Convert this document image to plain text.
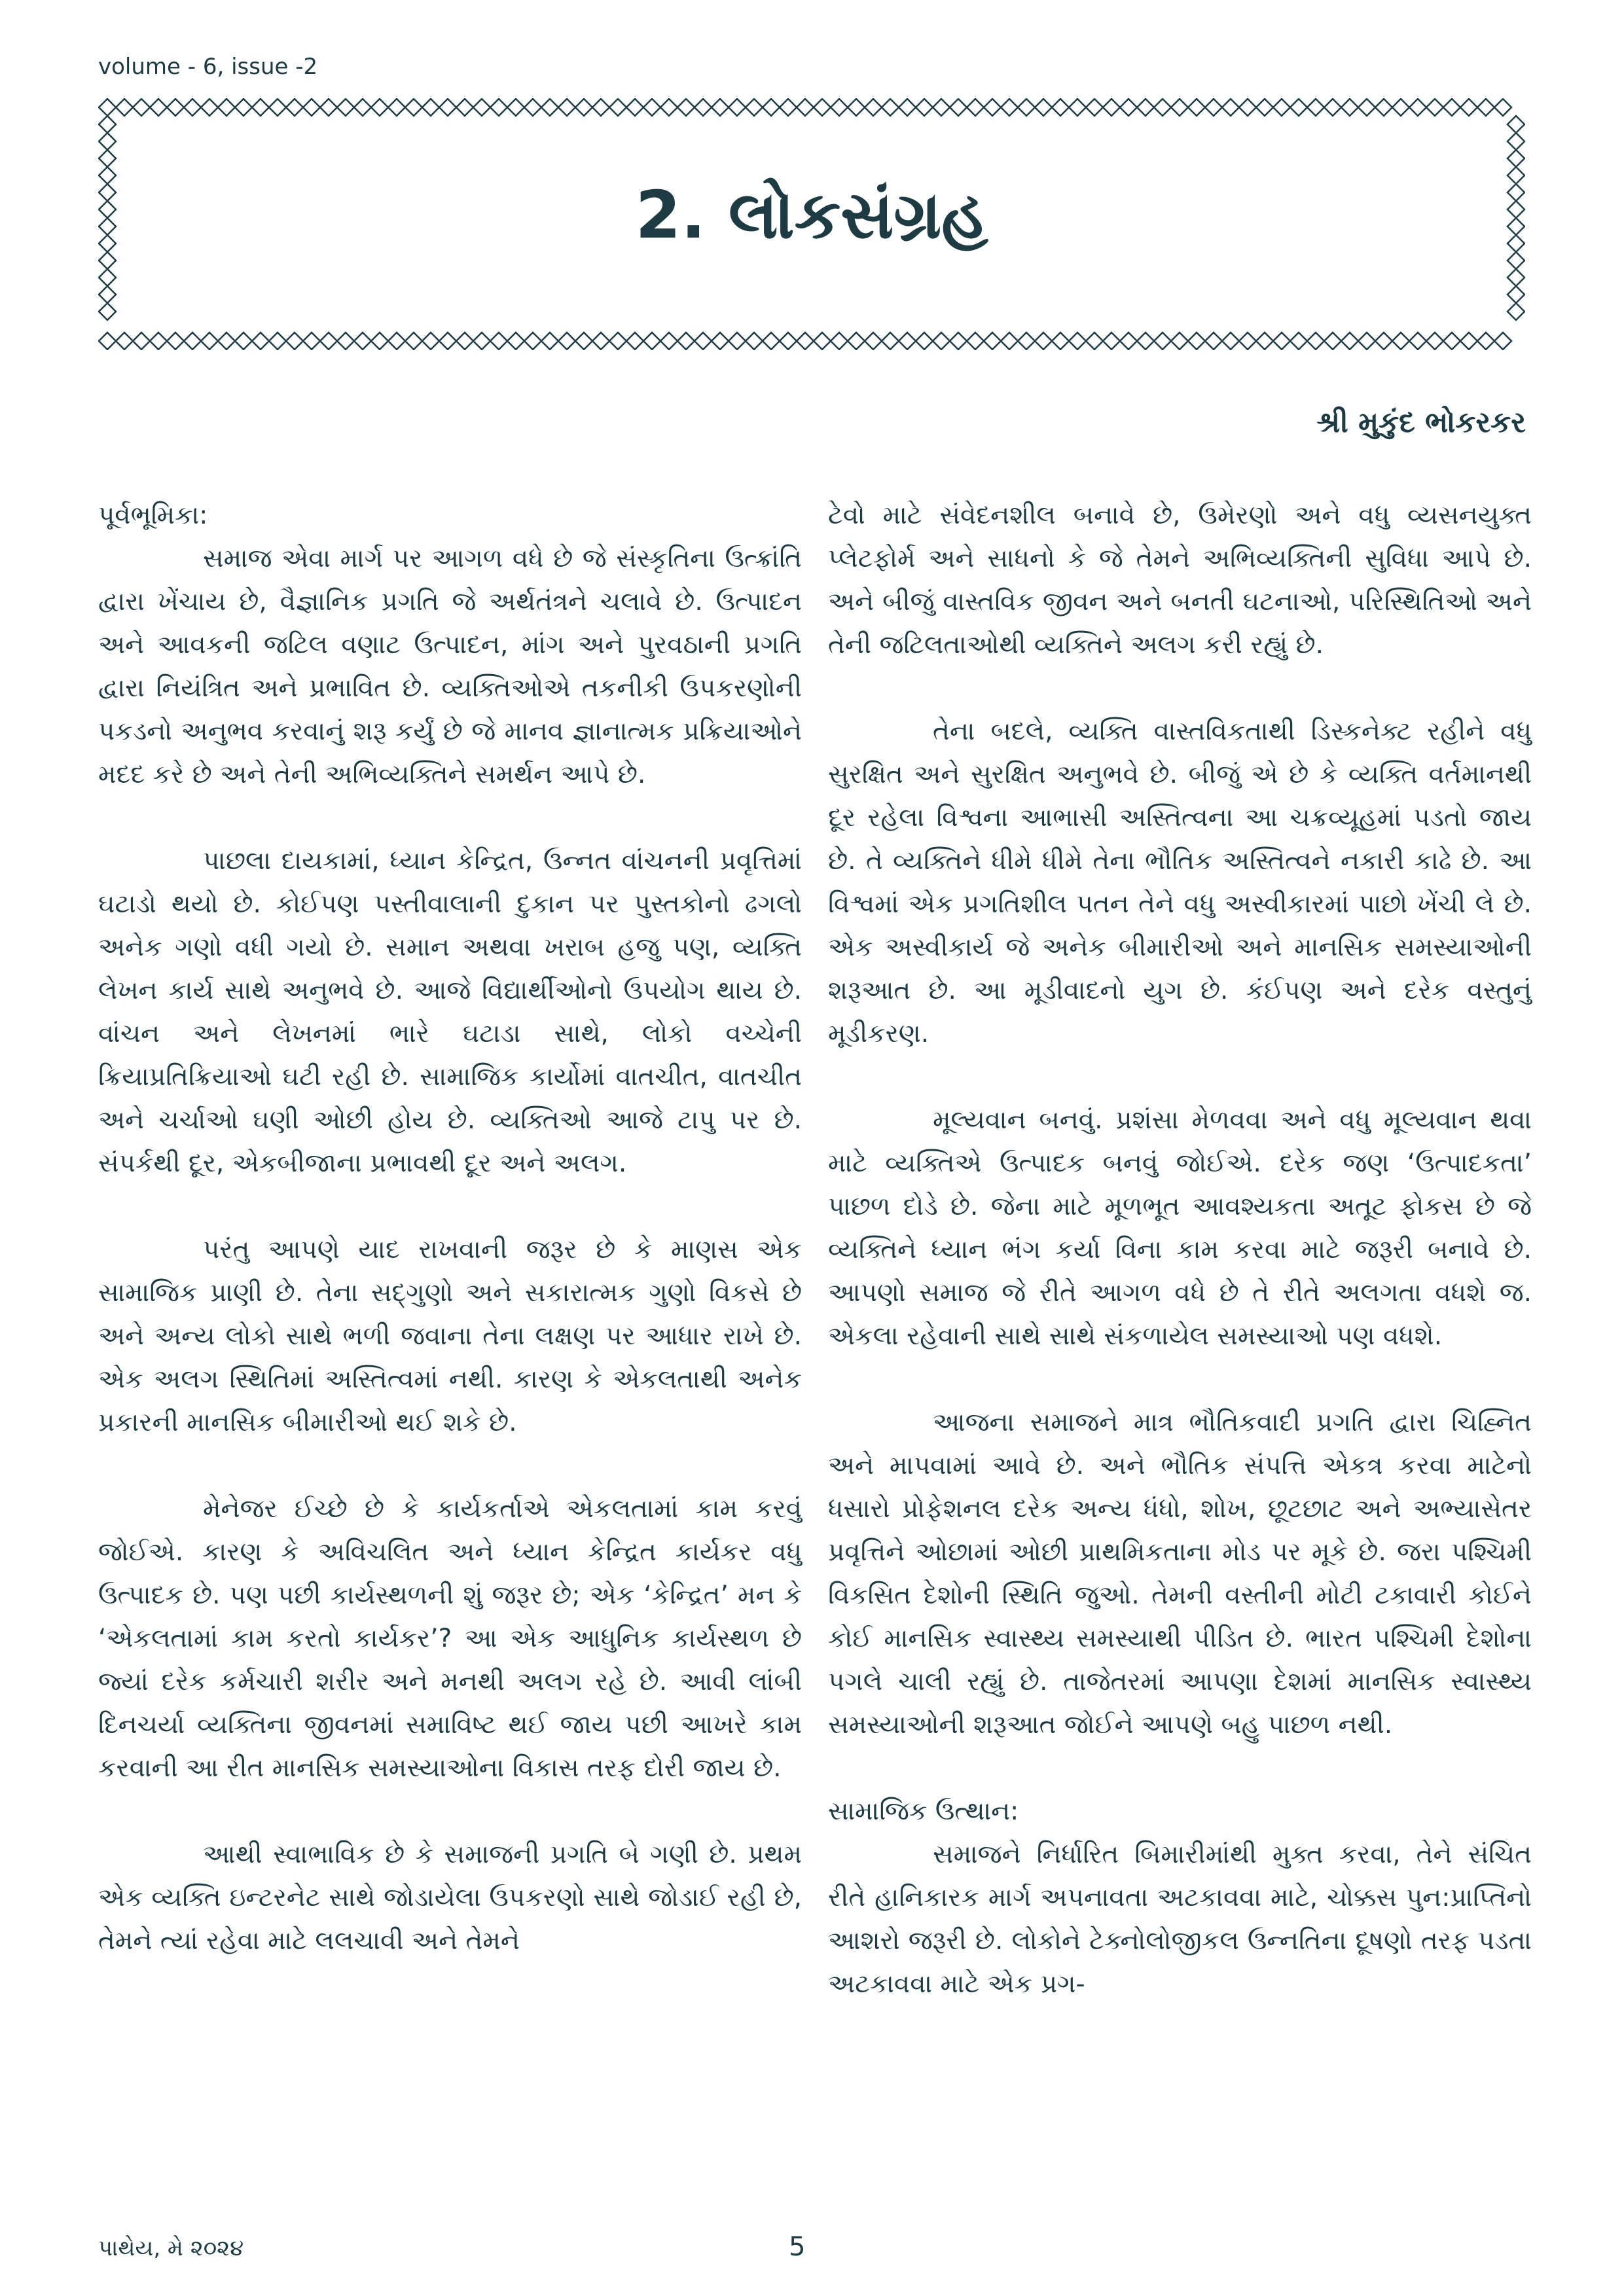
volume - 6, issue -2
2. લોકસંગ્રહ
શ્રી મુકુંદ ભોકરકર

પૂર્વભૂમિકા:

સમાજ એવા માર્ગ પર આગળ વધે છે જે સંસ્કૃતિના ઉત્ક્રાંતિ દ્વારા ખેંચાય છે, વૈજ્ઞાનિક પ્રગતિ જે અર્થતંત્રને ચલાવે છે. ઉત્પાદન અને આવકની જટિલ વણાટ ઉત્પાદન, માંગ અને પુરવઠાની પ્રગતિ દ્વારા નિયંત્રિત અને પ્રભાવિત છે. વ્યક્તિઓએ તકનીકી ઉપકરણોની પકડનો અનુભવ કરવાનું શરૂ કર્યું છે જે માનવ જ્ઞાનાત્મક પ્રક્રિયાઓને મદદ કરે છે અને તેની અભિવ્યક્તિને સમર્થન આપે છે.

પાછલા દાયકામાં, ધ્યાન કેન્દ્રિત, ઉન્નત વાંચનની પ્રવૃત્તિમાં ઘટાડો થયો છે. કોઈપણ પસ્તીવાલાની દુકાન પર પુસ્તકોનો ઢગલો અનેક ગણો વધી ગયો છે. સમાન અથવા ખરાબ હજુ પણ, વ્યક્તિ લેખન કાર્ય સાથે અનુભવે છે. આજે વિદ્યાર્થીઓનો ઉપયોગ થાય છે. વાંચન અને લેખનમાં ભારે ઘટાડા સાથે, લોકો વચ્ચેની ક્રિયાપ્રતિક્રિયાઓ ઘટી રહી છે. સામાજિક કાર્યોમાં વાતચીત, વાતચીત અને ચર્ચાઓ ઘણી ઓછી હોય છે. વ્યક્તિઓ આજે ટાપુ પર છે. સંપર્કથી દૂર, એકબીજાના પ્રભાવથી દૂર અને અલગ.

પરંતુ આપણે યાદ રાખવાની જરૂર છે કે માણસ એક સામાજિક પ્રાણી છે. તેના સદ્ગુણો અને સકારાત્મક ગુણો વિકસે છે અને અન્ય લોકો સાથે ભળી જવાના તેના લક્ષણ પર આધાર રાખે છે. એક અલગ સ્થિતિમાં અસ્તિત્વમાં નથી. કારણ કે એકલતાથી અનેક પ્રકારની માનસિક બીમારીઓ થઈ શકે છે.

મેનેજર ઈચ્છે છે કે કાર્યકર્તાએ એકલતામાં કામ કરવું જોઈએ. કારણ કે અવિચલિત અને ધ્યાન કેન્દ્રિત કાર્યકર વધુ ઉત્પાદક છે. પણ પછી કાર્યસ્થળની શું જરૂર છે; એક ‘કેન્દ્રિત’ મન કે ‘એકલતામાં કામ કરતો કાર્યકર’? આ એક આધુનિક કાર્યસ્થળ છે જ્યાં દરેક કર્મચારી શરીર અને મનથી અલગ રહે છે. આવી લાંબી દિનચર્યા વ્યક્તિના જીવનમાં સમાવિષ્ટ થઈ જાય પછી આખરે કામ કરવાની આ રીત માનસિક સમસ્યાઓના વિકાસ તરફ દોરી જાય છે.

આથી સ્વાભાવિક છે કે સમાજની પ્રગતિ બે ગણી છે. પ્રથમ એક વ્યક્તિ ઇન્ટરનેટ સાથે જોડાયેલા ઉપકરણો સાથે જોડાઈ રહી છે, તેમને ત્યાં રહેવા માટે લલચાવી અને તેમને

ટેવો માટે સંવેદનશીલ બનાવે છે, ઉમેરણો અને વધુ વ્યસનયુક્ત પ્લેટફોર્મ અને સાધનો કે જે તેમને અભિવ્યક્તિની સુવિધા આપે છે. અને બીજું વાસ્તવિક જીવન અને બનતી ઘટનાઓ, પરિસ્થિતિઓ અને તેની જટિલતાઓથી વ્યક્તિને અલગ કરી રહ્યું છે.

તેના બદલે, વ્યક્તિ વાસ્તવિકતાથી ડિસ્કનેક્ટ રહીને વધુ સુરક્ષિત અને સુરક્ષિત અનુભવે છે. બીજું એ છે કે વ્યક્તિ વર્તમાનથી દૂર રહેલા વિશ્વના આભાસી અસ્તિત્વના આ ચક્રવ્યૂહમાં પડતો જાય છે. તે વ્યક્તિને ધીમે ધીમે તેના ભૌતિક અસ્તિત્વને નકારી કાઢે છે. આ વિશ્વમાં એક પ્રગતિશીલ પતન તેને વધુ અસ્વીકારમાં પાછો ખેંચી લે છે. એક અસ્વીકાર્ય જે અનેક બીમારીઓ અને માનસિક સમસ્યાઓની શરૂઆત છે. આ મૂડીવાદનો યુગ છે. કંઈપણ અને દરેક વસ્તુનું મૂડીકરણ.

મૂલ્યવાન બનવું. પ્રશંસા મેળવવા અને વધુ મૂલ્યવાન થવા માટે વ્યક્તિએ ઉત્પાદક બનવું જોઈએ. દરેક જણ ‘ઉત્પાદકતા’ પાછળ દોડે છે. જેના માટે મૂળભૂત આવશ્યકતા અતૂટ ફોકસ છે જે વ્યક્તિને ધ્યાન ભંગ કર્યા વિના કામ કરવા માટે જરૂરી બનાવે છે. આપણો સમાજ જે રીતે આગળ વધે છે તે રીતે અલગતા વધશે જ. એકલા રહેવાની સાથે સાથે સંકળાયેલ સમસ્યાઓ પણ વધશે.

આજના સમાજને માત્ર ભૌતિકવાદી પ્રગતિ દ્વારા ચિહ્નિત અને માપવામાં આવે છે. અને ભૌતિક સંપત્તિ એકત્ર કરવા માટેનો ધસારો પ્રોફેશનલ દરેક અન્ય ધંધો, શોખ, છૂટછાટ અને અભ્યાસેતર પ્રવૃત્તિને ઓછામાં ઓછી પ્રાથમિકતાના મોડ પર મૂકે છે. જરા પશ્ચિમી વિકસિત દેશોની સ્થિતિ જુઓ. તેમની વસ્તીની મોટી ટકાવારી કોઈને કોઈ માનસિક સ્વાસ્થ્ય સમસ્યાથી પીડિત છે. ભારત પશ્ચિમી દેશોના પગલે ચાલી રહ્યું છે. તાજેતરમાં આપણા દેશમાં માનસિક સ્વાસ્થ્ય સમસ્યાઓની શરૂઆત જોઈને આપણે બહુ પાછળ નથી.

સામાજિક ઉત્થાન:

સમાજને નિર્ધારિત બિમારીમાંથી મુક્ત કરવા, તેને સંચિત રીતે હાનિકારક માર્ગ અપનાવતા અટકાવવા માટે, ચોક્કસ પુન:પ્રાપ્તિનો આશરો જરૂરી છે. લોકોને ટેક્નોલોજીકલ ઉન્નતિના દૂષણો તરફ પડતા અટકાવવા માટે એક પ્રગ-

પાથેય, મે ૨૦૨૪	5
